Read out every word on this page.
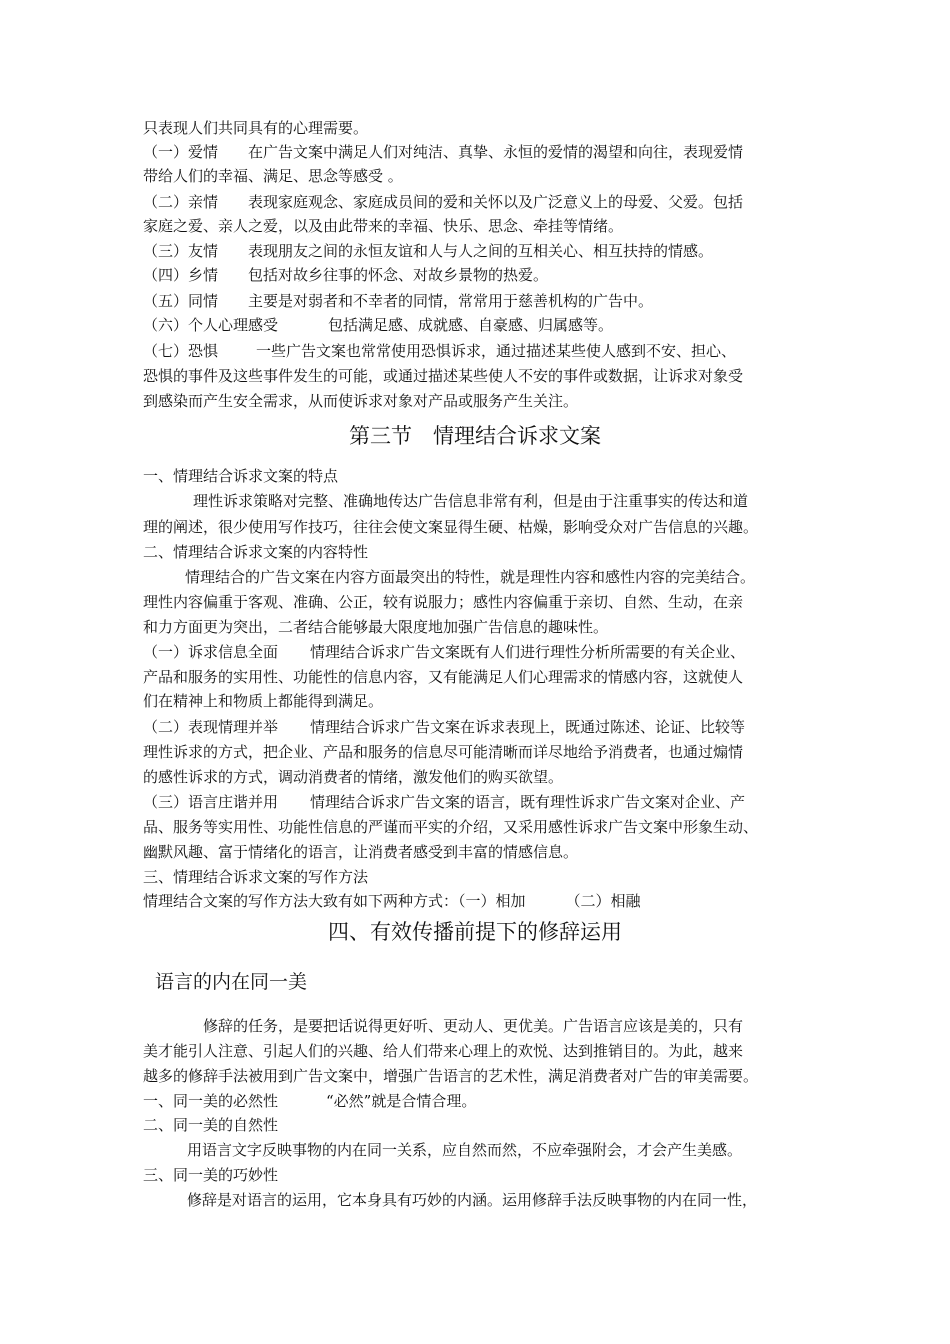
只表现人们共同具有的心理需要。
（一）爱情 在广告文案中满足人们对纯洁、真挚、永恒的爱情的渴望和向往，表现爱情
带给人们的幸福、满足、思念等感受 。
（二）亲情 表现家庭观念、家庭成员间的爱和关怀以及广泛意义上的母爱、父爱。包括
家庭之爱、亲人之爱，以及由此带来的幸福、快乐、思念、牵挂等情绪。
（三）友情 表现朋友之间的永恒友谊和人与人之间的互相关心、相互扶持的情感。
（四）乡情 包括对故乡往事的怀念、对故乡景物的热爱。
（五）同情 主要是对弱者和不幸者的同情，常常用于慈善机构的广告中。
（六）个人心理感受	包括满足感、成就感、自豪感、归属感等。
（七）恐惧	一些广告文案也常常使用恐惧诉求，通过描述某些使人感到不安、担心、
恐惧的事件及这些事件发生的可能，或通过描述某些使人不安的事件或数据，让诉求对象受
到感染而产生安全需求，从而使诉求对象对产品或服务产生关注。
第三节　情理结合诉求文案
一、情理结合诉求文案的特点
理性诉求策略对完整、准确地传达广告信息非常有利，但是由于注重事实的传达和道
理的阐述，很少使用写作技巧，往往会使文案显得生硬、枯燥，影响受众对广告信息的兴趣。
二、情理结合诉求文案的内容特性
情理结合的广告文案在内容方面最突出的特性，就是理性内容和感性内容的完美结合。
理性内容偏重于客观、准确、公正，较有说服力；感性内容偏重于亲切、自然、生动，在亲
和力方面更为突出，二者结合能够最大限度地加强广告信息的趣味性。
（一）诉求信息全面 情理结合诉求广告文案既有人们进行理性分析所需要的有关企业、
产品和服务的实用性、功能性的信息内容，又有能满足人们心理需求的情感内容，这就使人
们在精神上和物质上都能得到满足。
（二）表现情理并举 情理结合诉求广告文案在诉求表现上，既通过陈述、论证、比较等
理性诉求的方式，把企业、产品和服务的信息尽可能清晰而详尽地给予消费者，也通过煽情
的感性诉求的方式，调动消费者的情绪，激发他们的购买欲望。
（三）语言庄谐并用 情理结合诉求广告文案的语言，既有理性诉求广告文案对企业、产
品、服务等实用性、功能性信息的严谨而平实的介绍，又采用感性诉求广告文案中形象生动、
幽默风趣、富于情绪化的语言，让消费者感受到丰富的情感信息。
三、情理结合诉求文案的写作方法
情理结合文案的写作方法大致有如下两种方式：（一）相加	（二）相融
四、有效传播前提下的修辞运用
语言的内在同一美
修辞的任务，是要把话说得更好听、更动人、更优美。广告语言应该是美的，只有
美才能引人注意、引起人们的兴趣、给人们带来心理上的欢悦、达到推销目的。为此，越来
越多的修辞手法被用到广告文案中，增强广告语言的艺术性，满足消费者对广告的审美需要。
一、同一美的必然性	“必然”就是合情合理。
二、同一美的自然性
用语言文字反映事物的内在同一关系，应自然而然，不应牵强附会，才会产生美感。
三、同一美的巧妙性
修辞是对语言的运用，它本身具有巧妙的内涵。运用修辞手法反映事物的内在同一性，
